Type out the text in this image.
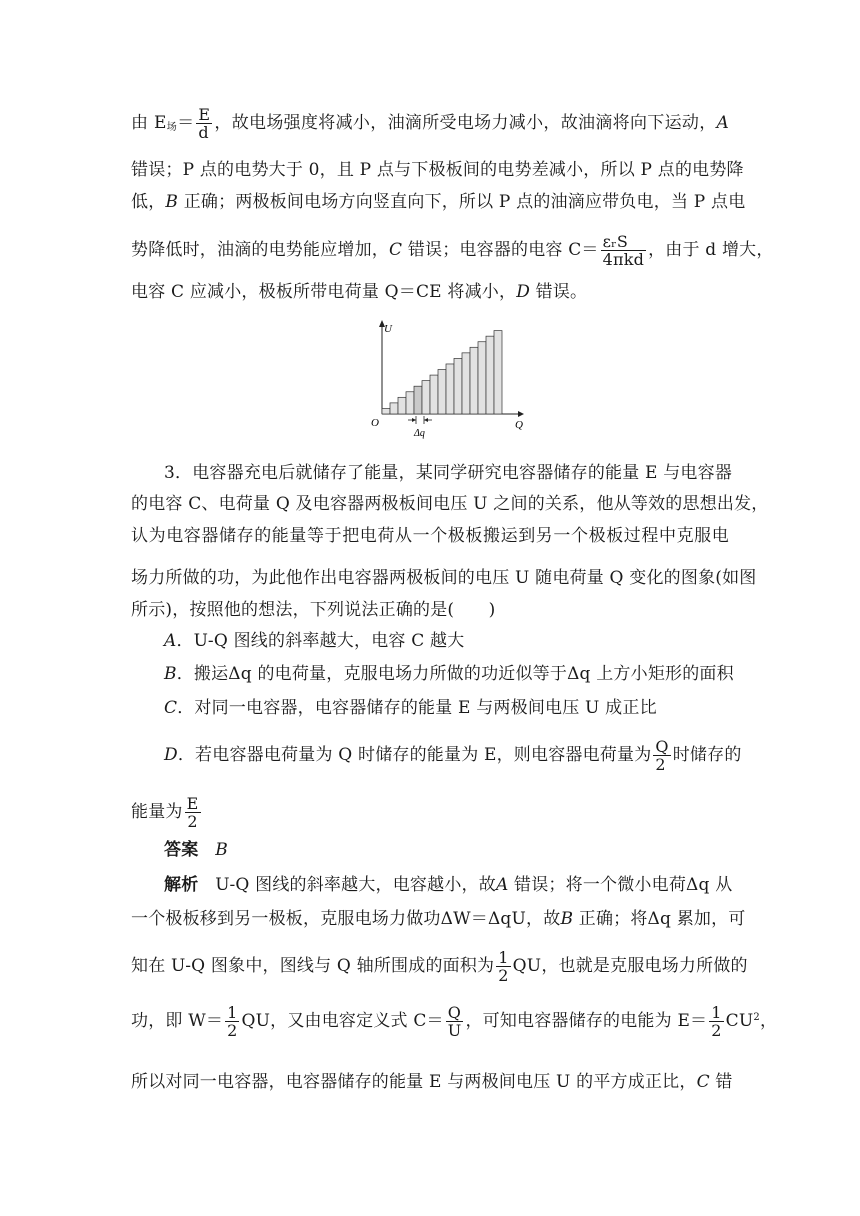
由 $E_场= \frac{E}{d}$ ，故电场强度将减小，油滴所受电场力减小，故油滴将向下运动，A
错误；P 点的电势大于 0，且 P 点与下极板间的电势差减小，所以 P 点的电势降
低，B 正确；两极板间电场方向竖直向下，所以 P 点的油滴应带负电，当 P 点电
势降低时，油滴的电势能应增加，C 错误；电容器的电容 $C= \frac{\text{εᵣS}}{\text{4πkd}}$ ，由于 d 增大，
电容 C 应减小，极板所带电荷量 Q＝CE 将减小，D 错误。
U
O	Q
Δq
3．电容器充电后就储存了能量，某同学研究电容器储存的能量 E 与电容器
的电容 C、电荷量 Q 及电容器两极板间电压 U 之间的关系，他从等效的思想出发，
认为电容器储存的能量等于把电荷从一个极板搬运到另一个极板过程中克服电
场力所做的功，为此他作出电容器两极板间的电压 U 随电荷量 Q 变化的图象(如图
所示)，按照他的想法，下列说法正确的是(　　)
A．U-Q 图线的斜率越大，电容 C 越大
B．搬运Δq 的电荷量，克服电场力所做的功近似等于Δq 上方小矩形的面积
C．对同一电容器，电容器储存的能量 E 与两极间电压 U 成正比
D．若电容器电荷量为 Q 时储存的能量为 E，则电容器电荷量为 $\frac{Q}{2}$ 时储存的
能量为 $\frac{E}{2}$
答案 B
解析 U-Q 图线的斜率越大，电容越小，故A 错误；将一个微小电荷Δq 从
一个极板移到另一极板，克服电场力做功ΔW＝ΔqU，故B 正确；将Δq 累加，可
知在 U-Q 图象中，图线与 Q 轴所围成的面积为 $\frac{1}{2}$ QU，也就是克服电场力所做的
功，即 $W= \frac{1}{2}$ QU，又由电容定义式 $C= \frac{Q}{U}$ ，可知电容器储存的电能为 $E= \frac{1}{2} CU^2$，
所以对同一电容器，电容器储存的能量 E 与两极间电压 U 的平方成正比，C 错
